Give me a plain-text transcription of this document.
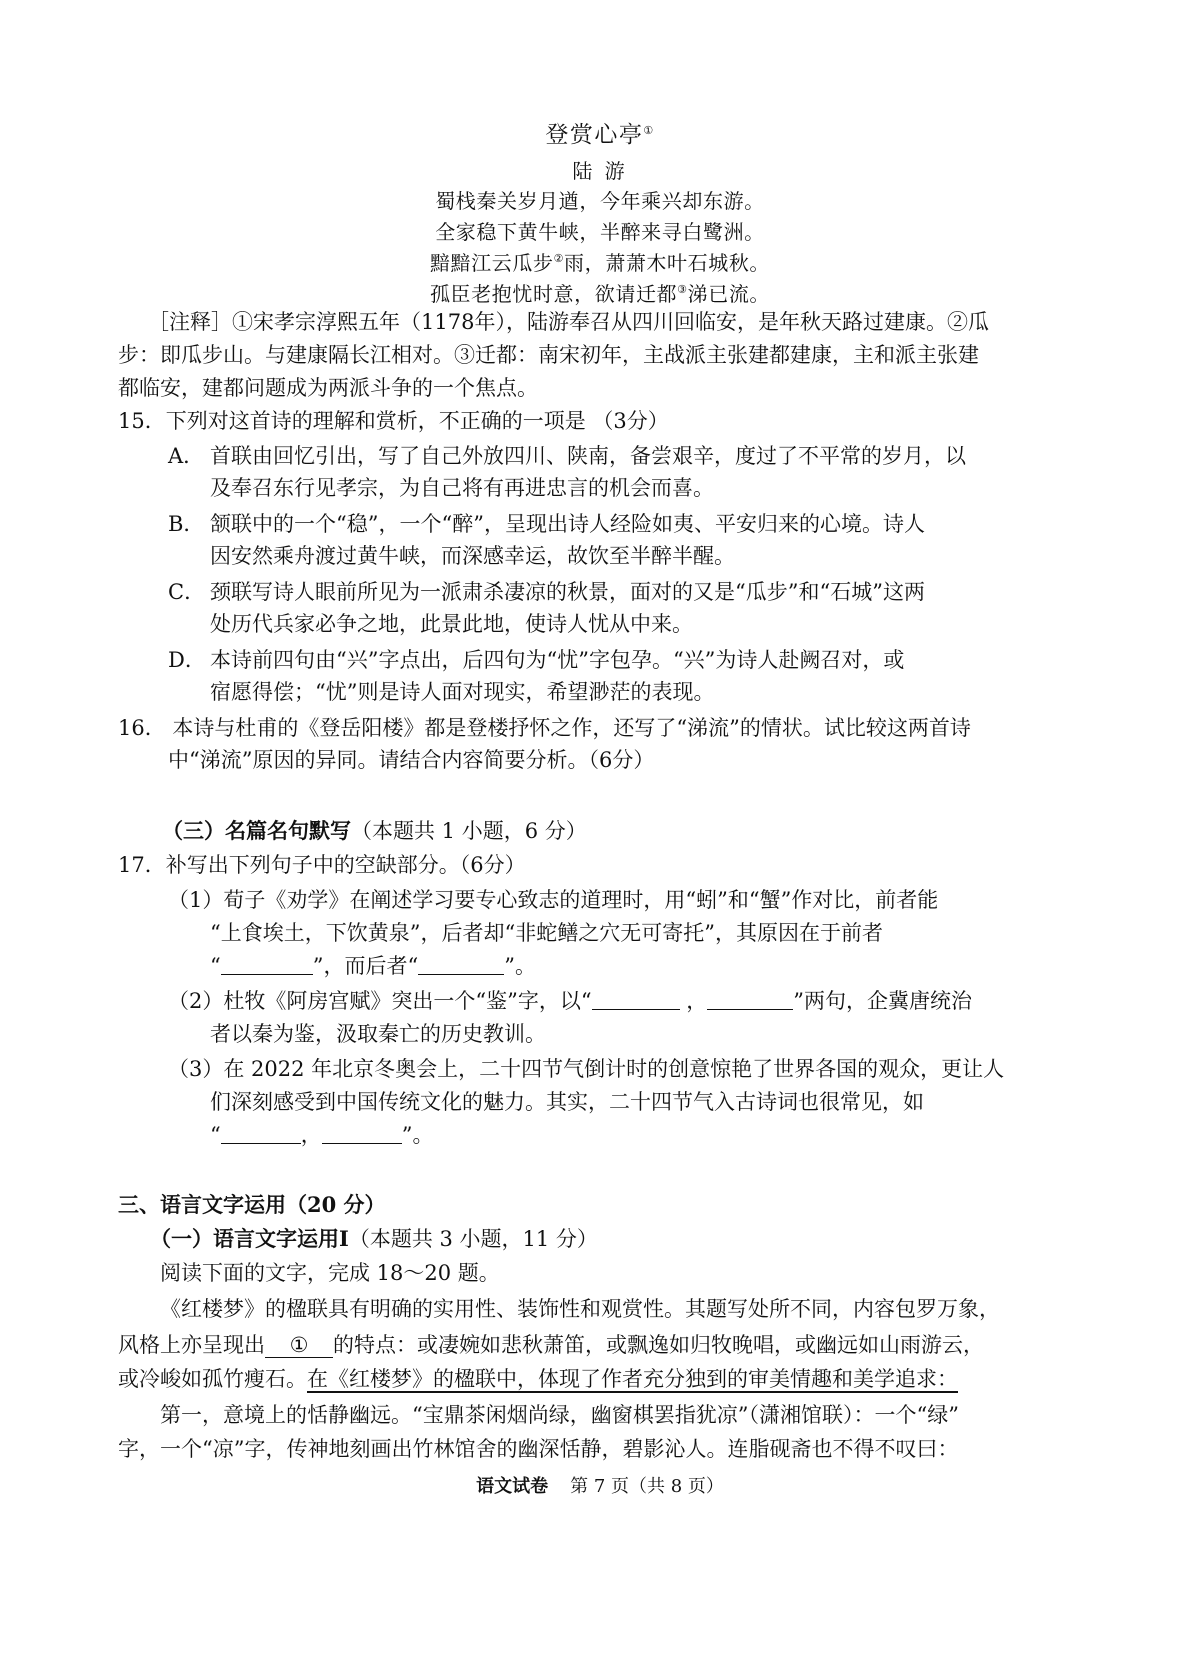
登赏心亭①
陆 游
蜀栈秦关岁月遒，今年乘兴却东游。
全家稳下黄牛峡，半醉来寻白鹭洲。
黯黯江云瓜步②雨，萧萧木叶石城秋。
孤臣老抱忧时意，欲请迁都③涕已流。
［注释］①宋孝宗淳熙五年（1178年），陆游奉召从四川回临安，是年秋天路过建康。②瓜
步：即瓜步山。与建康隔长江相对。③迁都：南宋初年，主战派主张建都建康，主和派主张建
都临安，建都问题成为两派斗争的一个焦点。
15．下列对这首诗的理解和赏析，不正确的一项是 （3分）
A． 首联由回忆引出，写了自己外放四川、陕南，备尝艰辛，度过了不平常的岁月，以
及奉召东行见孝宗，为自己将有再进忠言的机会而喜。
B． 颔联中的一个“稳”，一个“醉”，呈现出诗人经险如夷、平安归来的心境。诗人
因安然乘舟渡过黄牛峡，而深感幸运，故饮至半醉半醒。
C． 颈联写诗人眼前所见为一派肃杀凄凉的秋景，面对的又是“瓜步”和“石城”这两
处历代兵家必争之地，此景此地，使诗人忧从中来。
D． 本诗前四句由“兴”字点出，后四句为“忧”字包孕。“兴”为诗人赴阙召对，或
宿愿得偿；“忧”则是诗人面对现实，希望渺茫的表现。
16． 本诗与杜甫的《登岳阳楼》都是登楼抒怀之作，还写了“涕流”的情状。试比较这两首诗
中“涕流”原因的异同。请结合内容简要分析。（6分）
（三）名篇名句默写（本题共 1 小题，6 分）
17．补写出下列句子中的空缺部分。（6分）
（1）荀子《劝学》在阐述学习要专心致志的道理时，用“蚓”和“蟹”作对比，前者能
“上食埃土，下饮黄泉”，后者却“非蛇鳝之穴无可寄托”，其原因在于前者
“	”，而后者“	”。
（2）杜牧《阿房宫赋》突出一个“鉴”字，以“	，	”两句，企冀唐统治
者以秦为鉴，汲取秦亡的历史教训。
（3）在 2022 年北京冬奥会上，二十四节气倒计时的创意惊艳了世界各国的观众，更让人
们深刻感受到中国传统文化的魅力。其实，二十四节气入古诗词也很常见，如
“	，	”。
三、语言文字运用（20 分）
（一）语言文字运用Ⅰ（本题共 3 小题，11 分）
阅读下面的文字，完成 18～20 题。
《红楼梦》的楹联具有明确的实用性、装饰性和观赏性。其题写处所不同，内容包罗万象，
风格上亦呈现出 ① 的特点：或凄婉如悲秋萧笛，或飘逸如归牧晚唱，或幽远如山雨游云，
或冷峻如孤竹瘦石。在《红楼梦》的楹联中，体现了作者充分独到的审美情趣和美学追求：
第一，意境上的恬静幽远。“宝鼎茶闲烟尚绿，幽窗棋罢指犹凉”（潇湘馆联）：一个“绿”
字，一个“凉”字，传神地刻画出竹林馆舍的幽深恬静，碧影沁人。连脂砚斋也不得不叹曰：
语文试卷 第 7 页（共 8 页）
